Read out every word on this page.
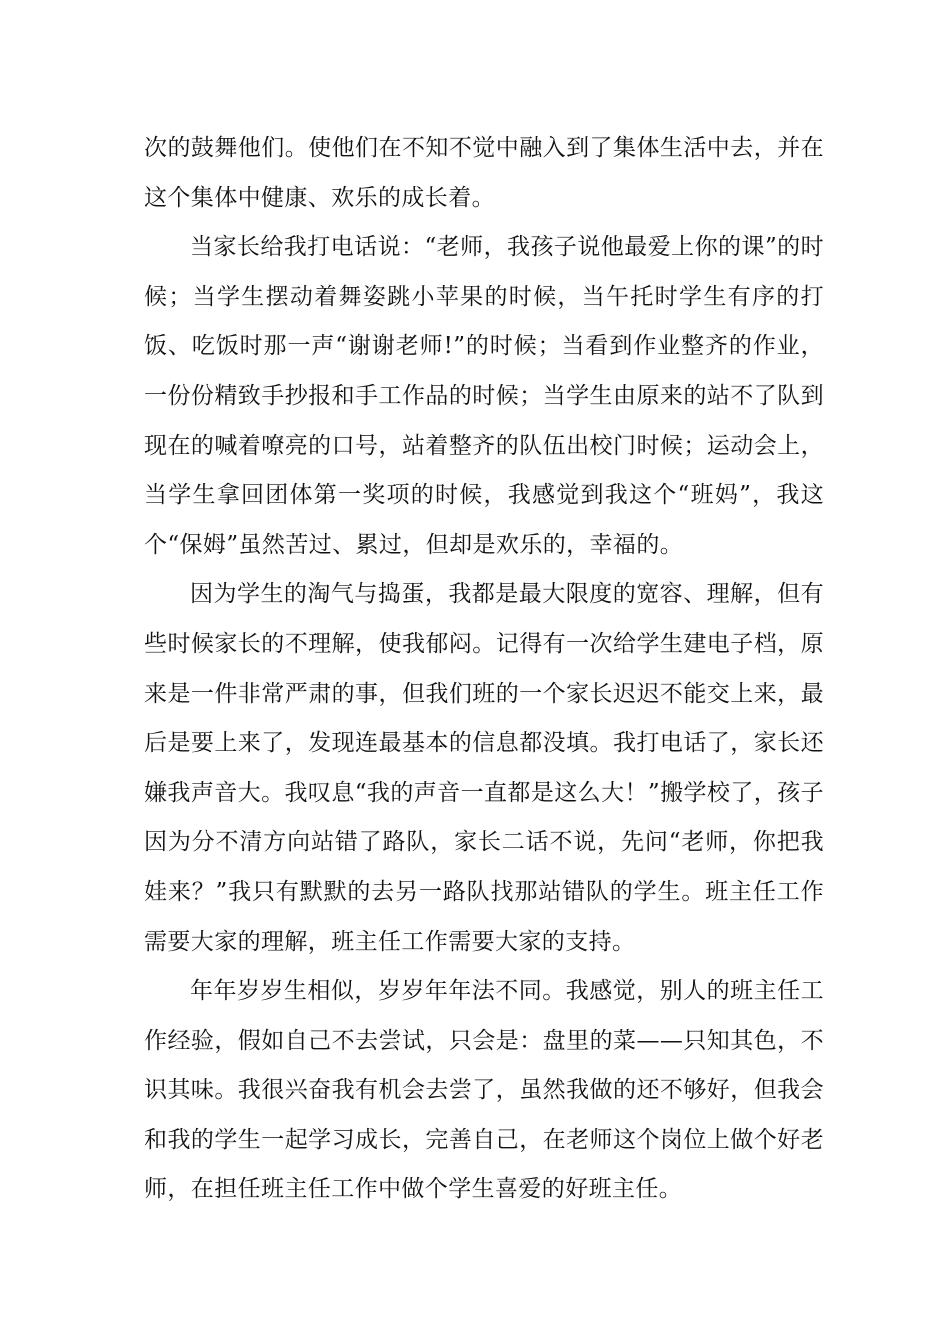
次的鼓舞他们。使他们在不知不觉中融入到了集体生活中去，并在这个集体中健康、欢乐的成长着。

当家长给我打电话说：“老师，我孩子说他最爱上你的课”的时候；当学生摆动着舞姿跳小苹果的时候，当午托时学生有序的打饭、吃饭时那一声“谢谢老师!”的时候；当看到作业整齐的作业，一份份精致手抄报和手工作品的时候；当学生由原来的站不了队到现在的喊着嘹亮的口号，站着整齐的队伍出校门时候；运动会上，当学生拿回团体第一奖项的时候，我感觉到我这个“班妈”，我这个“保姆”虽然苦过、累过，但却是欢乐的，幸福的。

因为学生的淘气与捣蛋，我都是最大限度的宽容、理解，但有些时候家长的不理解，使我郁闷。记得有一次给学生建电子档，原来是一件非常严肃的事，但我们班的一个家长迟迟不能交上来，最后是要上来了，发现连最基本的信息都没填。我打电话了，家长还嫌我声音大。我叹息“我的声音一直都是这么大！”搬学校了，孩子因为分不清方向站错了路队，家长二话不说，先问“老师，你把我娃来？”我只有默默的去另一路队找那站错队的学生。班主任工作需要大家的理解，班主任工作需要大家的支持。

年年岁岁生相似，岁岁年年法不同。我感觉，别人的班主任工作经验，假如自己不去尝试，只会是：盘里的菜——只知其色，不识其味。我很兴奋我有机会去尝了，虽然我做的还不够好，但我会和我的学生一起学习成长，完善自己，在老师这个岗位上做个好老师，在担任班主任工作中做个学生喜爱的好班主任。
